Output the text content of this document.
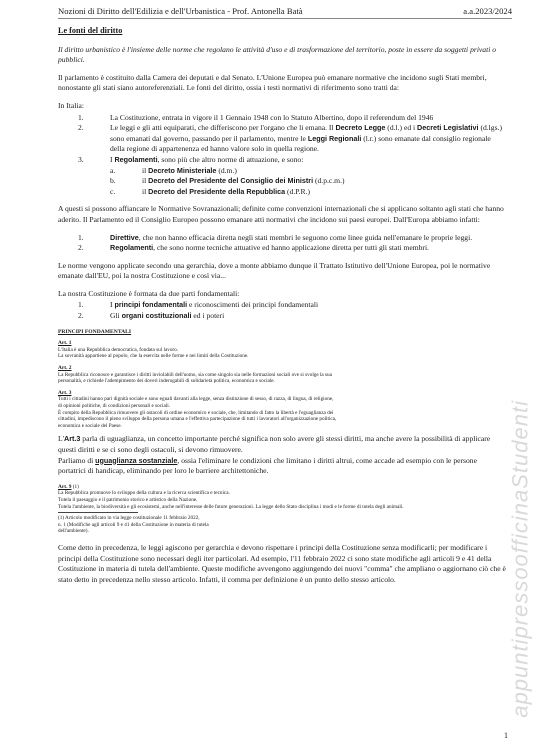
Nozioni di Diritto dell'Edilizia e dell'Urbanistica - Prof. Antonella Batà	a.a.2023/2024
appuntipressoofficinaStudenti

Le fonti del diritto

Il diritto urbanistico è l'insieme delle norme che regolano le attività d'uso e di trasformazione del territorio, poste in essere da soggetti privati o pubblici.

Il parlamento è costituito dalla Camera dei deputati e dal Senato. L'Unione Europea può emanare normative che incidono sugli Stati membri, nonostante gli stati siano autoreferenziali. Le fonti del diritto, ossia i testi normativi di riferimento sono tratti da:

In Italia:

1.	La Costituzione, entrata in vigore il 1 Gennaio 1948 con lo Statuto Albertino, dopo il referendum del 1946
2.	Le leggi e gli atti equiparati, che differiscono per l'organo che li emana. Il Decreto Legge (d.l.) ed i Decreti Legislativi (d.lgs.) sono emanati dal governo, passando per il parlamento, mentre le Leggi Regionali (l.r.) sono emanate dal consiglio regionale della regione di appartenenza ed hanno valore solo in quella regione.
3.	I Regolamenti, sono più che altro norme di attuazione, e sono:
a.	il Decreto Ministeriale (d.m.)
b.	il Decreto del Presidente del Consiglio dei Ministri (d.p.c.m.)
c.	il Decreto del Presidente della Repubblica (d.P.R.)

A questi si possono affiancare le Normative Sovranazionali; definite come convenzioni internazionali che si applicano soltanto agli stati che hanno aderito. Il Parlamento ed il Consiglio Europeo possono emanare atti normativi che incidono sui paesi europei. Dall'Europa abbiamo infatti:

1.	Direttive, che non hanno efficacia diretta negli stati membri le seguono come linee guida nell'emanare le proprie leggi.
2.	Regolamenti, che sono norme tecniche attuative ed hanno applicazione diretta per tutti gli stati membri.

Le norme vengono applicate secondo una gerarchia, dove a monte abbiamo dunque il Trattato Istitutivo dell'Unione Europea, poi le normative emanate dall'EU, poi la nostra Costituzione e così via...

La nostra Costituzione è formata da due parti fondamentali:

1.	I principi fondamentali e riconoscimenti dei principi fondamentali
2.	Gli organi costituzionali ed i poteri
PRINCIPI FONDAMENTALI
Art. 1
L'Italia è una Repubblica democratica, fondata sul lavoro.
La sovranità appartiene al popolo, che la esercita nelle forme e nei limiti della Costituzione.
Art. 2
La Repubblica riconosce e garantisce i diritti inviolabili dell'uomo, sia come singolo sia nelle formazioni sociali ove si svolge la sua personalità, e richiede l'adempimento dei doveri inderogabili di solidarietà politica, economica e sociale.
Art. 3
Tutti i cittadini hanno pari dignità sociale e sono eguali davanti alla legge, senza distinzione di sesso, di razza, di lingua, di religione, di opinioni politiche, di condizioni personali e sociali.
È compito della Repubblica rimuovere gli ostacoli di ordine economico e sociale, che, limitando di fatto la libertà e l'eguaglianza dei cittadini, impediscono il pieno sviluppo della persona umana e l'effettiva partecipazione di tutti i lavoratori all'organizzazione politica, economica e sociale del Paese.

L'Art.3 parla di uguaglianza, un concetto importante perché significa non solo avere gli stessi diritti, ma anche avere la possibilità di applicare questi diritti e se ci sono degli ostacoli, si devono rimuovere.
Parliamo di uguaglianza sostanziale, ossia l'eliminare le condizioni che limitano i diritti altrui, come accade ad esempio con le persone portatrici di handicap, eliminando per loro le barriere architettoniche.

Art. 9 (1)
La Repubblica promuove lo sviluppo della cultura e la ricerca scientifica e tecnica.
Tutela il paesaggio e il patrimonio storico e artistico della Nazione.
Tutela l'ambiente, la biodiversità e gli ecosistemi, anche nell'interesse delle future generazioni. La legge dello Stato disciplina i modi e le forme di tutela degli animali.
(1) Articolo modificato in via legge costituzionale 11 febbraio 2022,
n. 1 (Modifiche agli articoli 9 e 41 della Costituzione in materia di tutela dell'ambiente).

Come detto in precedenza, le leggi agiscono per gerarchia e devono rispettare i principi della Costituzione senza modificarli; per modificare i principi della Costituzione sono necessari degli iter particolari. Ad esempio, l'11 febbraio 2022 ci sono state modifiche agli articoli 9 e 41 della Costituzione in materia di tutela dell'ambiente. Queste modifiche avvengono aggiungendo dei nuovi "comma" che ampliano o aggiornano ciò che è stato detto in precedenza nello stesso articolo. Infatti, il comma per definizione è un punto dello stesso articolo.

1
